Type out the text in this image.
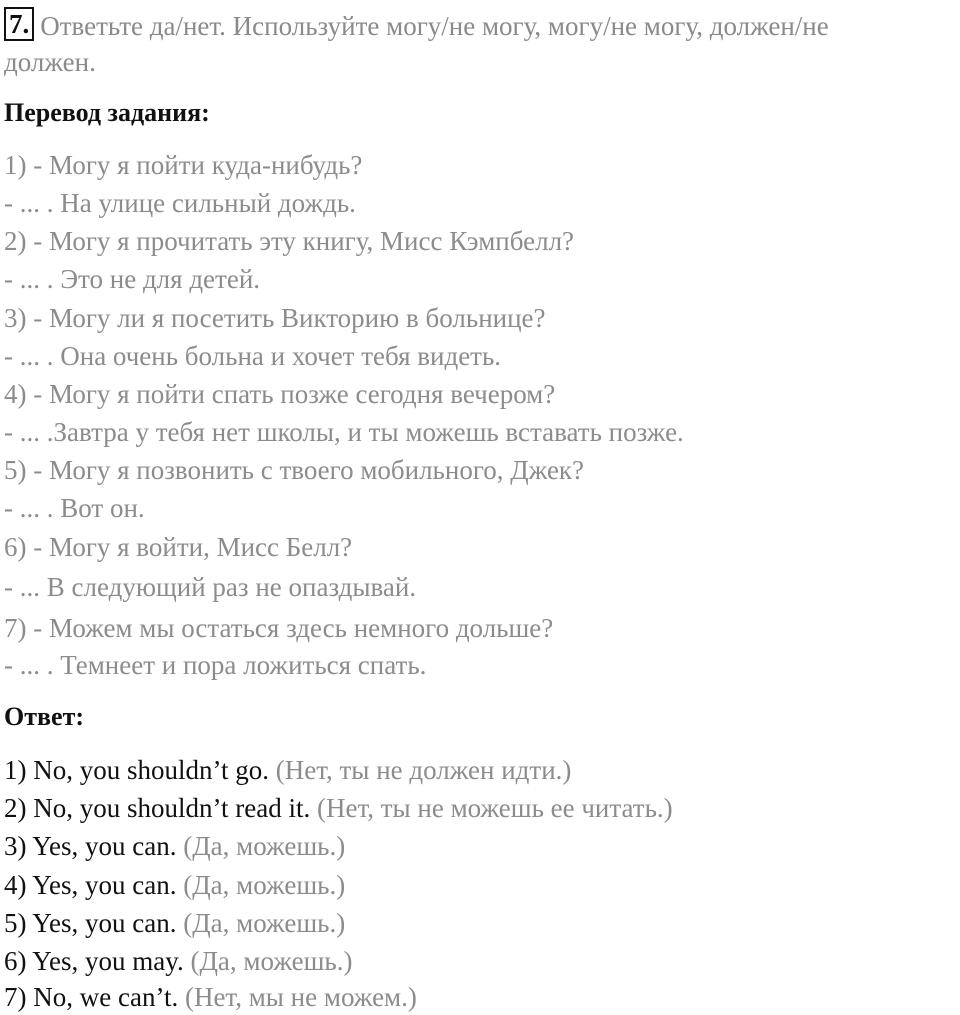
7. Ответьте да/нет. Используйте могу/не могу, могу/не могу, должен/не
должен.
Перевод задания:
1) - Могу я пойти куда-нибудь?
- ... . На улице сильный дождь.
2) - Могу я прочитать эту книгу, Мисс Кэмпбелл?
- ... . Это не для детей.
3) - Могу ли я посетить Викторию в больнице?
- ... . Она очень больна и хочет тебя видеть.
4) - Могу я пойти спать позже сегодня вечером?
- ... .Завтра у тебя нет школы, и ты можешь вставать позже.
5) - Могу я позвонить с твоего мобильного, Джек?
- ... . Вот он.
6) - Могу я войти, Мисс Белл?
- ... В следующий раз не опаздывай.
7) - Можем мы остаться здесь немного дольше?
- ... . Темнеет и пора ложиться спать.
Ответ:
1) No, you shouldn’t go. (Нет, ты не должен идти.)
2) No, you shouldn’t read it. (Нет, ты не можешь ее читать.)
3) Yes, you can. (Да, можешь.)
4) Yes, you can. (Да, можешь.)
5) Yes, you can. (Да, можешь.)
6) Yes, you may. (Да, можешь.)
7) No, we can’t. (Нет, мы не можем.)
